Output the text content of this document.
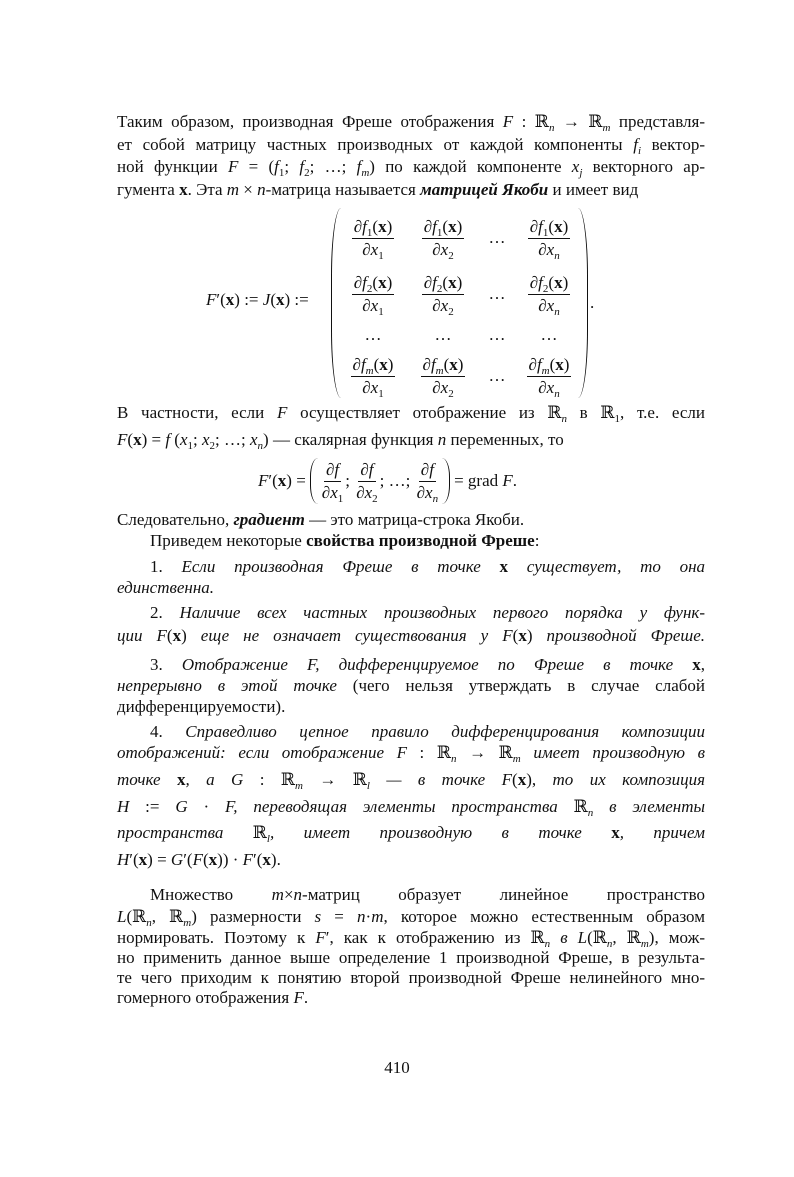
Таким образом, производная Фреше отображения F : ℝ$_n$ → ℝ$_m$ представля-
ет собой матрицу частных производных от каждой компоненты $f_i$ вектор-
ной функции $F = (f_1$; $f_2$; …; $f_m$) по каждой компоненте $x_j$ векторного ар-
гумента x. Эта m × n-матрица называется матрицей Якоби и имеет вид
F′(x) := J(x) :=
$\frac{\partial f_1(x)}{\partial x_1} \frac{\partial f_1(x)}{\partial x_2}$ … $\frac{\partial f_1(x)}{\partial x_n}$
$\frac{\partial f_2(x)}{\partial x_1} \frac{\partial f_2(x)}{\partial x_2}$ … $\frac{\partial f_2(x)}{\partial x_n}$
…	… … …
$\frac{\partial f_m(x)}{\partial x_1} \frac{\partial f_m(x)}{\partial x_2}$ … $\frac{\partial f_m(x)}{\partial x_n}$
.
В частности, если F осуществляет отображение из ℝ$_n$ в ℝ$_1$, т.е. если
F(x) = f ($x_1$; $x_2$; …; $x_n$) — скалярная функция n переменных, то
$F'(x) = \frac{\partial f}{\partial x_1}$ ; $\frac{\partial f}{\partial x_2}$ ; …; $\frac{\partial f}{\partial x_n}$ = grad F.
Следовательно, градиент — это матрица-строка Якоби.
Приведем некоторые свойства производной Фреше:
1. Если производная Фреше в точке x существует, то она
единственна.
2. Наличие всех частных производных первого порядка у функ-
ции F(x) еще не означает существования у F(x) производной Фреше.
3. Отображение F, дифференцируемое по Фреше в точке x,
непрерывно в этой точке (чего нельзя утверждать в случае слабой
дифференцируемости).
4. Справедливо цепное правило дифференцирования композиции
отображений: если отображение F : ℝ$_n$ → ℝ$_m$ имеет производную в
точке x, а G : ℝ$_m$ → ℝ$_l$ — в точке F(x), то их композиция
H := G · F, переводящая элементы пространства ℝ$_n$ в элементы
пространства ℝ$_l$, имеет производную в точке x, причем
H′(x) = G′(F(x)) · F′(x).
Множество m×n-матриц образует линейное пространство
L(ℝ$_n$, ℝ$_m$) размерности s = n·m, которое можно естественным образом
нормировать. Поэтому к F′, как к отображению из ℝ$_n$ в L(ℝ$_n$, ℝ$_m$), мож-
но применить данное выше определение 1 производной Фреше, в результа-
те чего приходим к понятию второй производной Фреше нелинейного мно-
гомерного отображения F.
410
